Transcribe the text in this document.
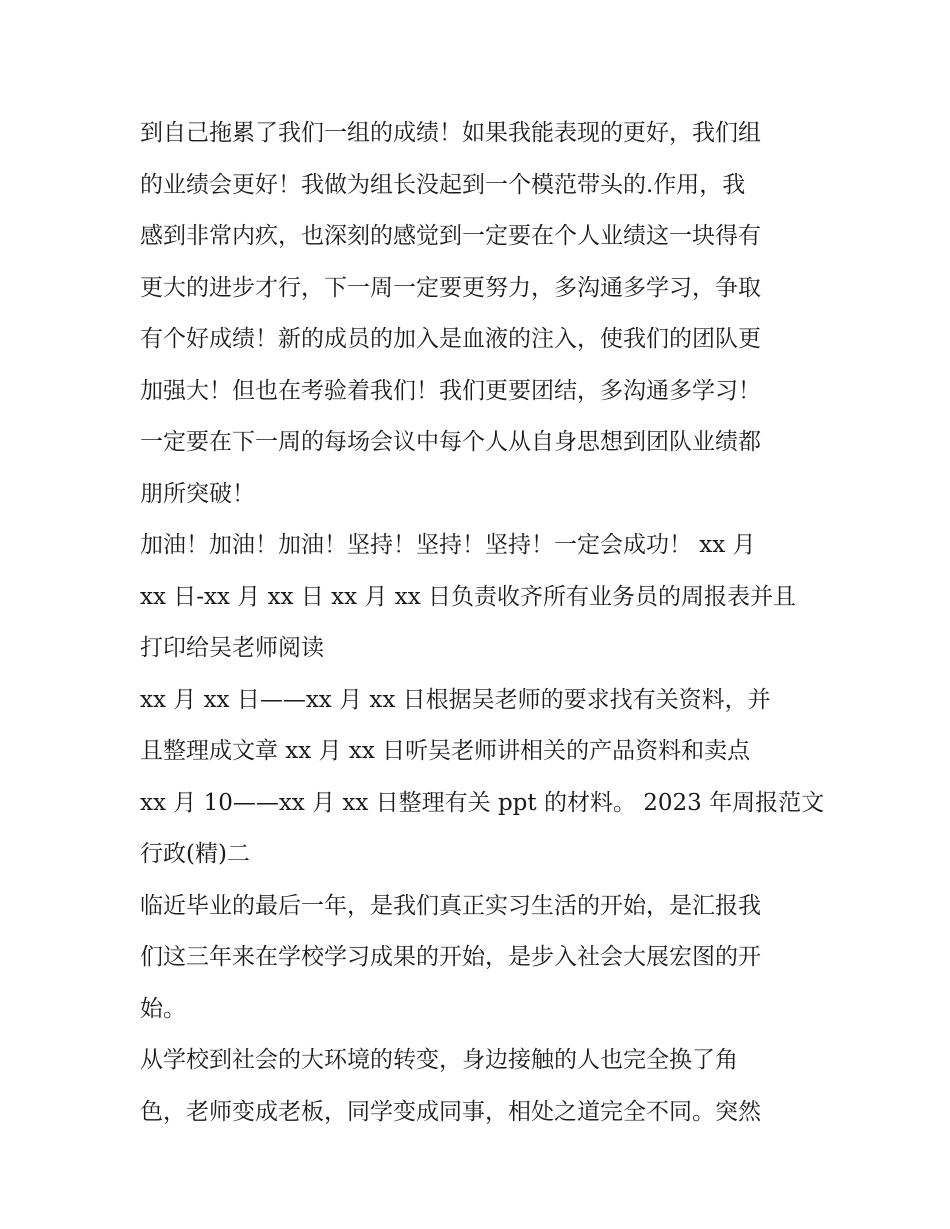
到自己拖累了我们一组的成绩！如果我能表现的更好，我们组
的业绩会更好！我做为组长没起到一个模范带头的.作用，我
感到非常内疚，也深刻的感觉到一定要在个人业绩这一块得有
更大的进步才行，下一周一定要更努力，多沟通多学习，争取
有个好成绩！新的成员的加入是血液的注入，使我们的团队更
加强大！但也在考验着我们！我们更要团结，多沟通多学习！
一定要在下一周的每场会议中每个人从自身思想到团队业绩都
朋所突破！
加油！加油！加油！坚持！坚持！坚持！一定会成功！ xx 月
xx 日-xx 月 xx 日 xx 月 xx 日负责收齐所有业务员的周报表并且
打印给吴老师阅读
xx 月 xx 日——xx 月 xx 日根据吴老师的要求找有关资料，并
且整理成文章 xx 月 xx 日听吴老师讲相关的产品资料和卖点
xx 月 10——xx 月 xx 日整理有关 ppt 的材料。 2023 年周报范文
行政(精)二
临近毕业的最后一年，是我们真正实习生活的开始，是汇报我
们这三年来在学校学习成果的开始，是步入社会大展宏图的开
始。
从学校到社会的大环境的转变，身边接触的人也完全换了角
色，老师变成老板，同学变成同事，相处之道完全不同。突然
